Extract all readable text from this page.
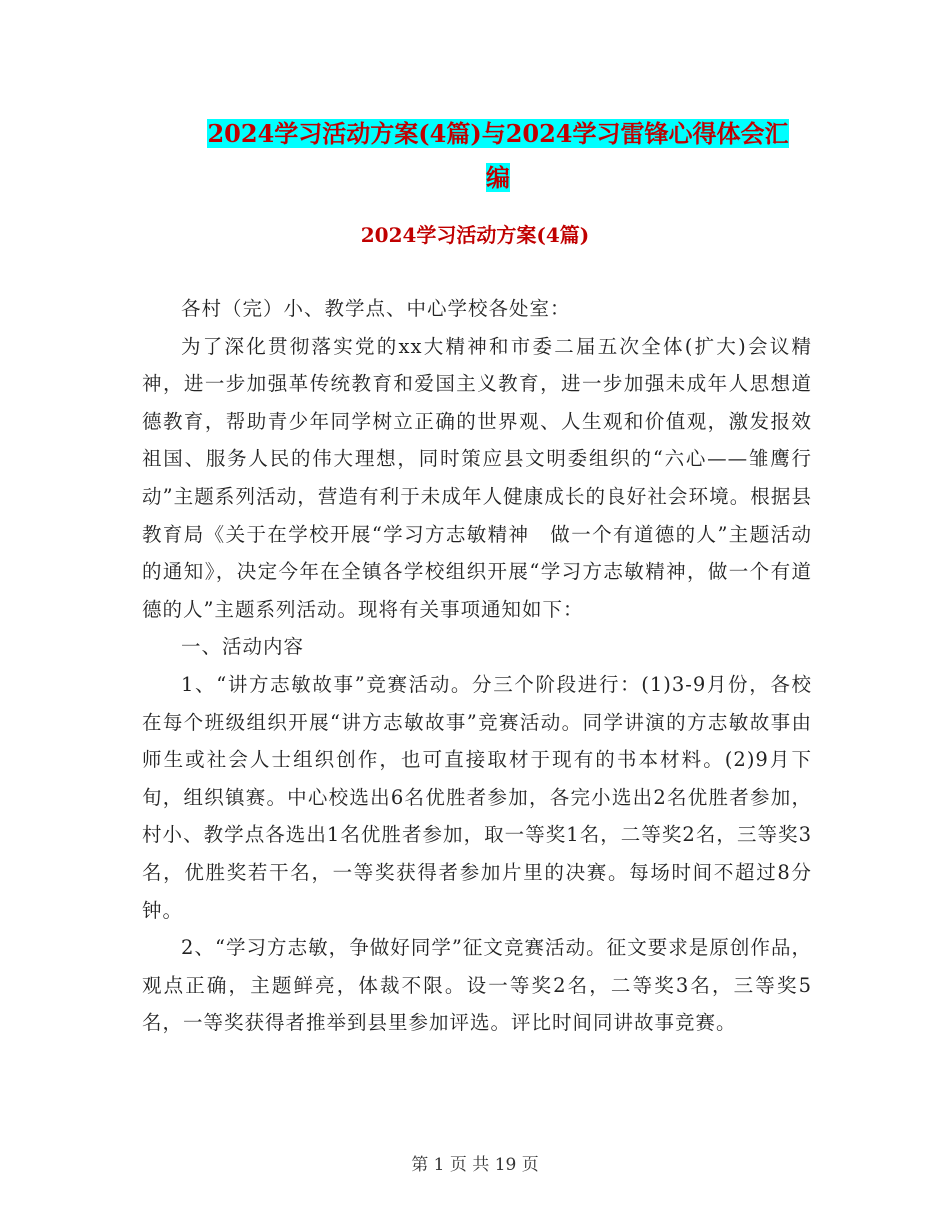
2024学习活动方案(4篇)与2024学习雷锋心得体会汇
编
2024学习活动方案(4篇)

各村（完）小、教学点、中心学校各处室：

为了深化贯彻落实党的xx大精神和市委二届五次全体(扩大)会议精神，进一步加强革传统教育和爱国主义教育，进一步加强未成年人思想道德教育，帮助青少年同学树立正确的世界观、人生观和价值观，激发报效祖国、服务人民的伟大理想，同时策应县文明委组织的“六心——雏鹰行动”主题系列活动，营造有利于未成年人健康成长的良好社会环境。根据县教育局《关于在学校开展“学习方志敏精神　做一个有道德的人”主题活动的通知》，决定今年在全镇各学校组织开展“学习方志敏精神，做一个有道德的人”主题系列活动。现将有关事项通知如下：

一、活动内容

1、“讲方志敏故事”竞赛活动。分三个阶段进行：(1)3-9月份，各校在每个班级组织开展“讲方志敏故事”竞赛活动。同学讲演的方志敏故事由师生或社会人士组织创作，也可直接取材于现有的书本材料。(2)9月下旬，组织镇赛。中心校选出6名优胜者参加，各完小选出2名优胜者参加，村小、教学点各选出1名优胜者参加，取一等奖1名，二等奖2名，三等奖3名，优胜奖若干名，一等奖获得者参加片里的决赛。每场时间不超过8分钟。

2、“学习方志敏，争做好同学”征文竞赛活动。征文要求是原创作品，观点正确，主题鲜亮，体裁不限。设一等奖2名，二等奖3名，三等奖5名，一等奖获得者推举到县里参加评选。评比时间同讲故事竞赛。

第 1 页 共 19 页
